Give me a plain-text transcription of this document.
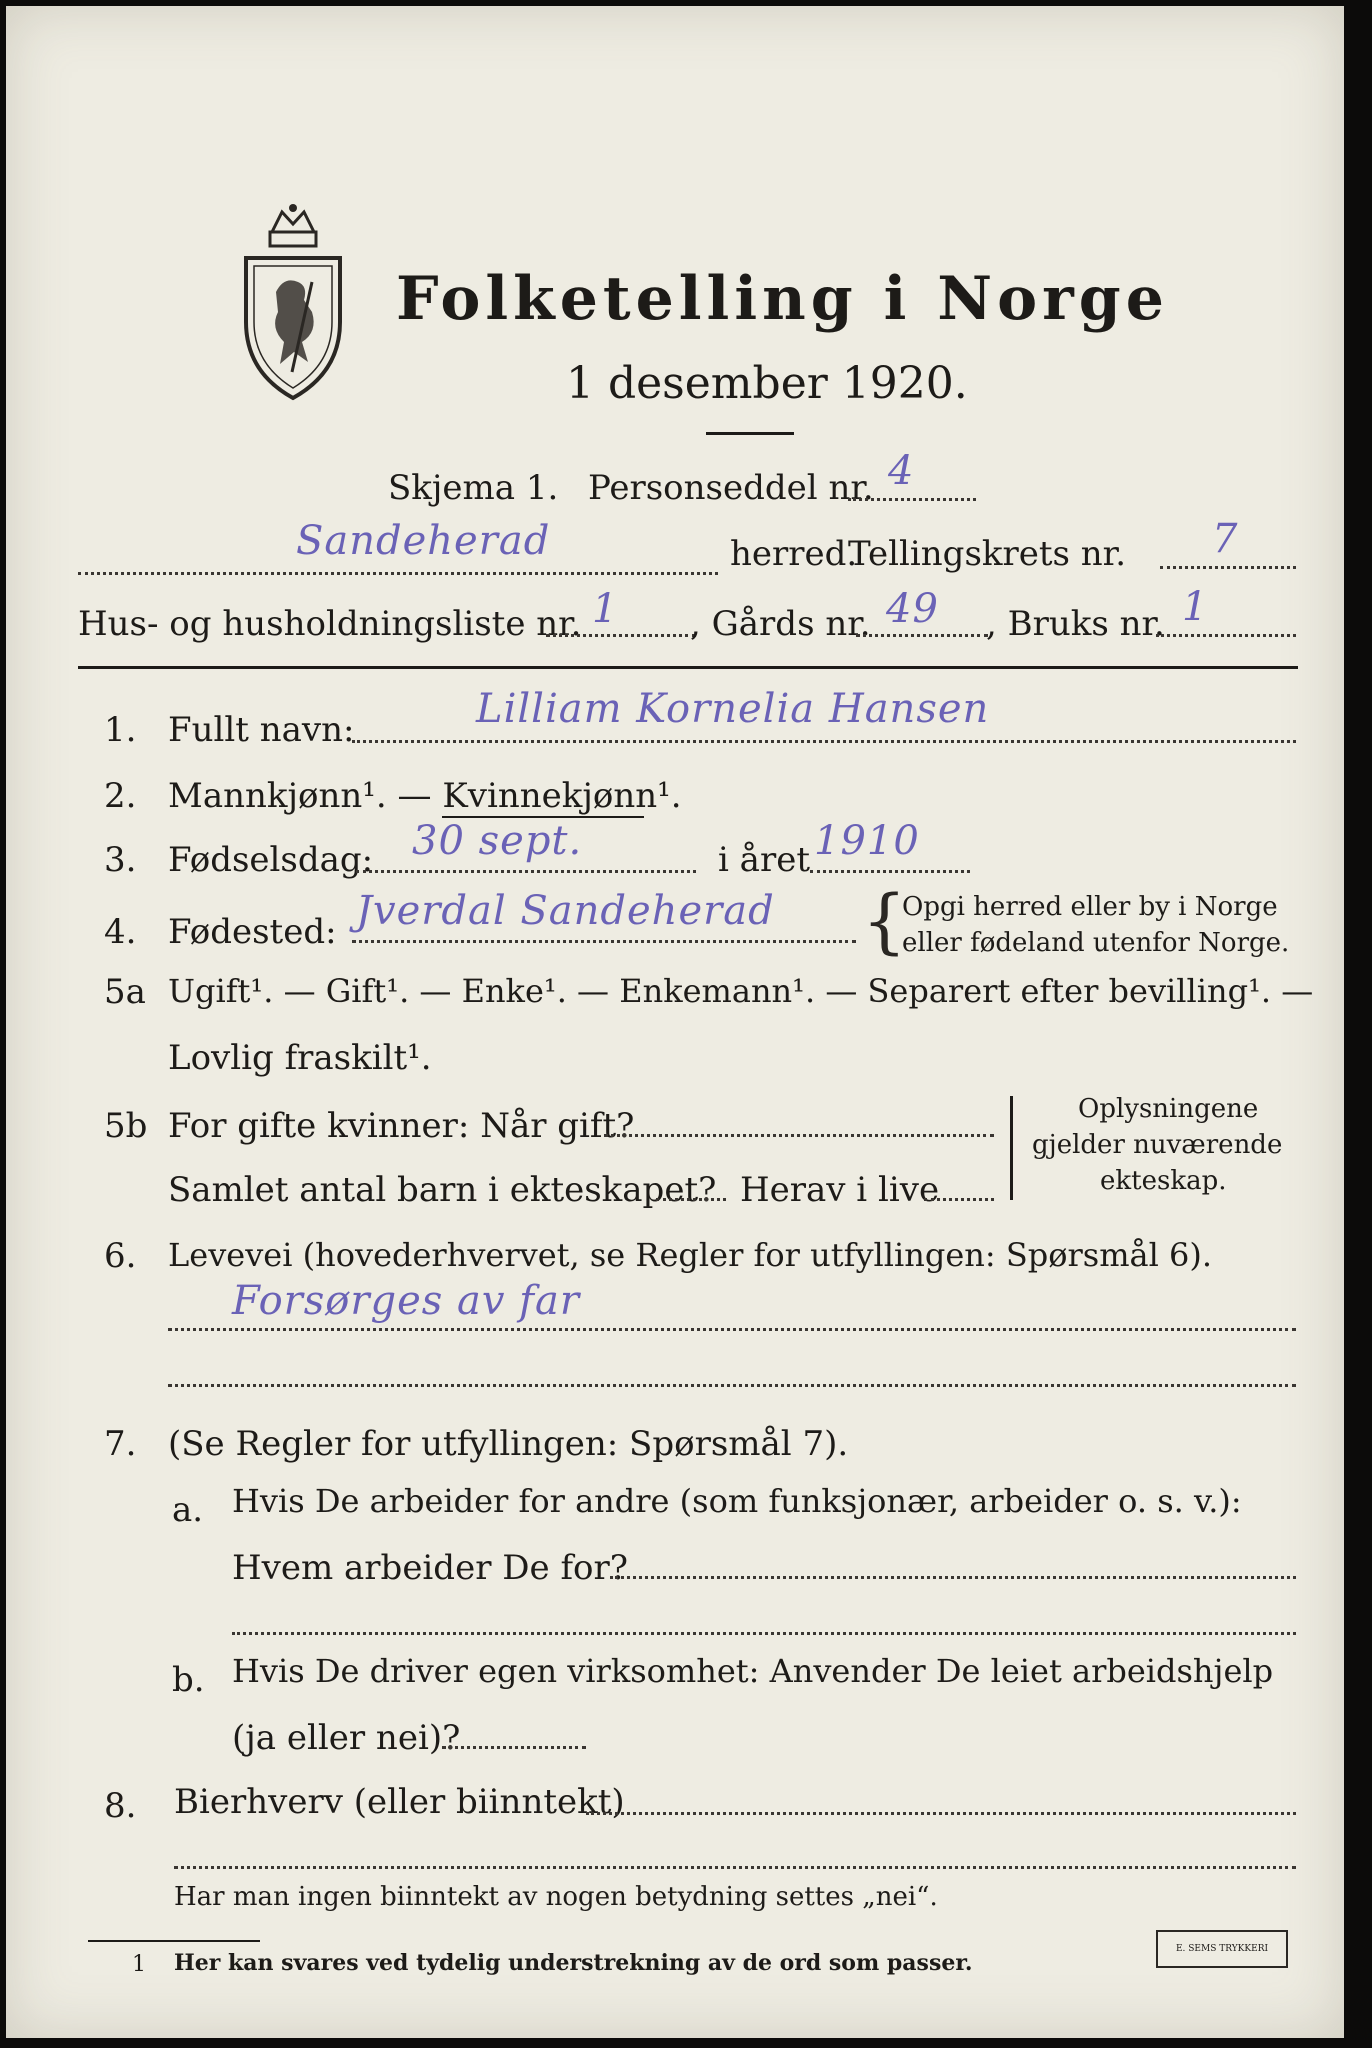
Folketelling i Norge
1 desember 1920.
Skjema 1. Personseddel nr. 4
Sandeherad	herred.
Tellingskrets nr. 7
Hus- og husholdningsliste nr. 1 , Gårds nr. 49 , Bruks nr. 1
1. Fullt navn:	Lilliam Kornelia Hansen
2. Mannkjønn¹. — Kvinnekjønn¹.
3. Fødselsdag: 30 sept.	i året 1910
4. Fødested: Jverdal Sandeherad {
Opgi herred eller by i Norge
eller fødeland utenfor Norge.
5a Ugift¹. — Gift¹. — Enke¹. — Enkemann¹. — Separert efter bevilling¹. —
Lovlig fraskilt¹.
5b For gifte kvinner: Når gift?
Samlet antal barn i ekteskapet? Herav i live
Oplysningene
gjelder nuværende
ekteskap.
6. Levevei (hovederhvervet, se Regler for utfyllingen: Spørsmål 6).
Forsørges av far
7. (Se Regler for utfyllingen: Spørsmål 7).
a. Hvis De arbeider for andre (som funksjonær, arbeider o. s. v.):
Hvem arbeider De for?
b. Hvis De driver egen virksomhet: Anvender De leiet arbeidshjelp
(ja eller nei)?
8. Bierhverv (eller biinntekt)
Har man ingen biinntekt av nogen betydning settes „nei“.
1 Her kan svares ved tydelig understrekning av de ord som passer.
E. SEMS TRYKKERI
